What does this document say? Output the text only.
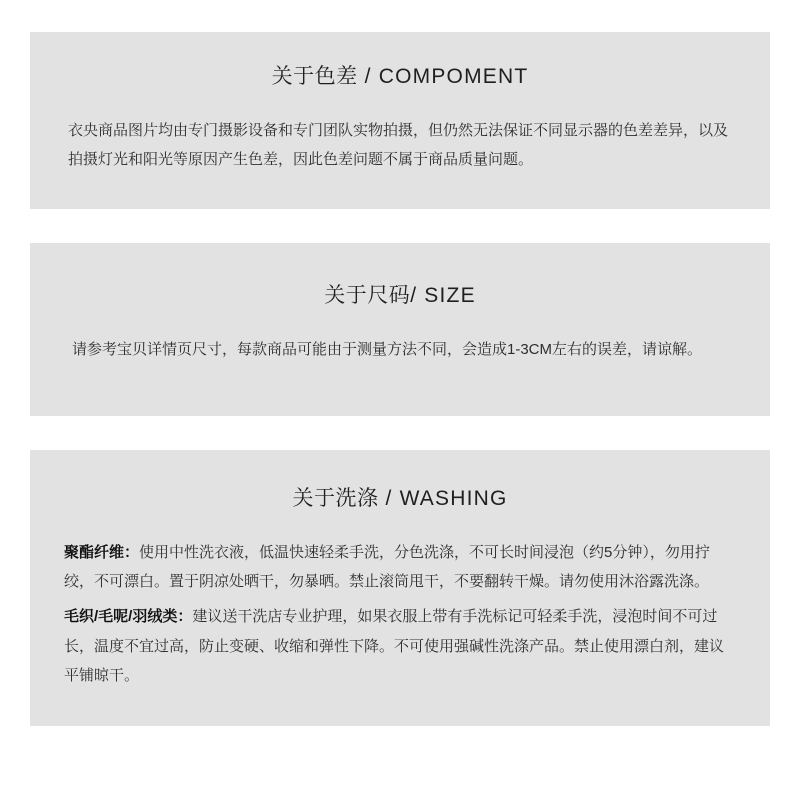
关于色差 / COMPOMENT
衣央商品图片均由专门摄影设备和专门团队实物拍摄，但仍然无法保证不同显示器的色差差异，以及拍摄灯光和阳光等原因产生色差，因此色差问题不属于商品质量问题。
关于尺码/ SIZE
请参考宝贝详情页尺寸，每款商品可能由于测量方法不同，会造成1-3CM左右的误差，请谅解。
关于洗涤 / WASHING
聚酯纤维：使用中性洗衣液，低温快速轻柔手洗，分色洗涤，不可长时间浸泡（约5分钟），勿用拧绞，不可漂白。置于阴凉处晒干，勿暴晒。禁止滚筒甩干，不要翻转干燥。请勿使用沐浴露洗涤。
毛织/毛呢/羽绒类：建议送干洗店专业护理，如果衣服上带有手洗标记可轻柔手洗，浸泡时间不可过长，温度不宜过高，防止变硬、收缩和弹性下降。不可使用强碱性洗涤产品。禁止使用漂白剂，建议平铺晾干。
